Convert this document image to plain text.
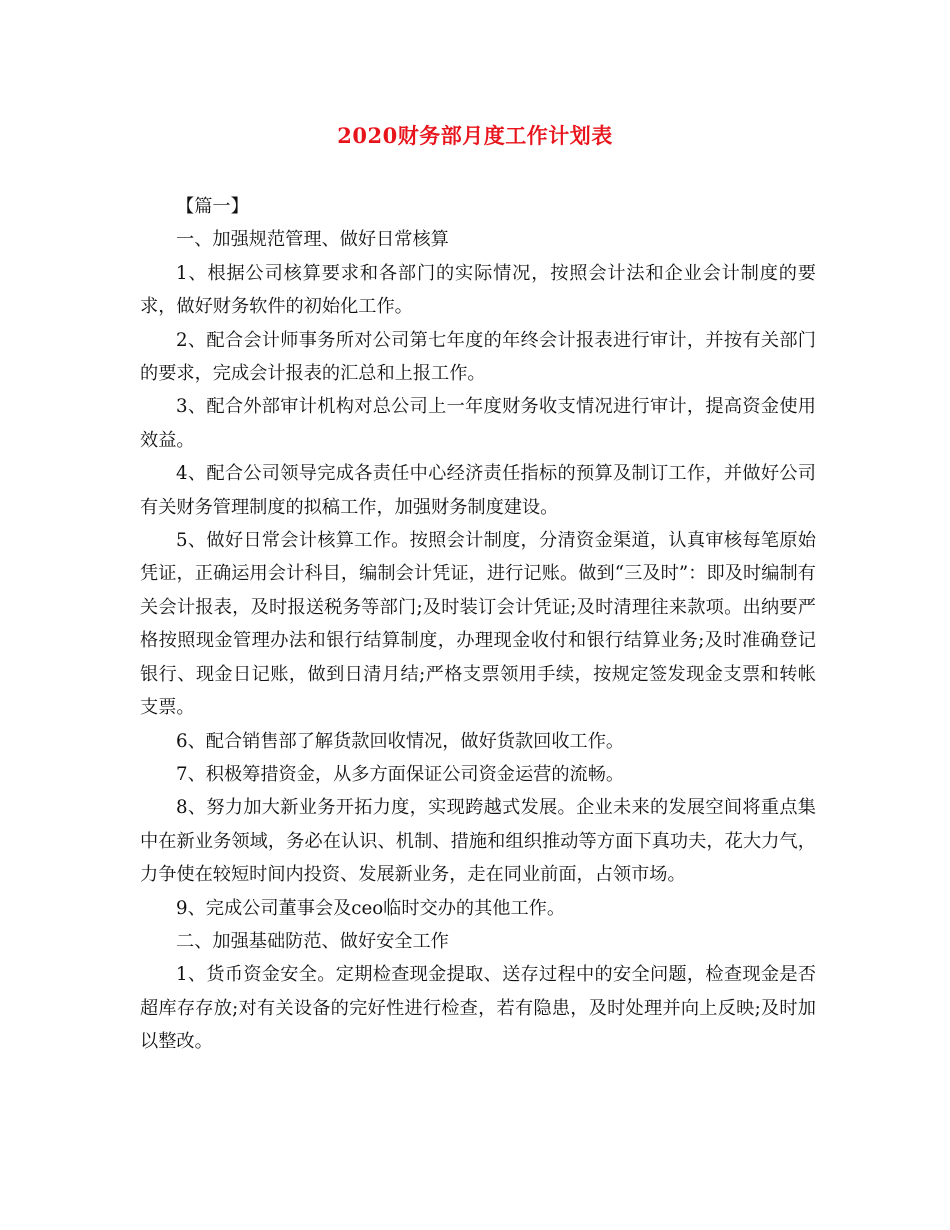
2020财务部月度工作计划表

【篇一】

一、加强规范管理、做好日常核算

1、根据公司核算要求和各部门的实际情况，按照会计法和企业会计制度的要求，做好财务软件的初始化工作。

2、配合会计师事务所对公司第七年度的年终会计报表进行审计，并按有关部门的要求，完成会计报表的汇总和上报工作。

3、配合外部审计机构对总公司上一年度财务收支情况进行审计，提高资金使用效益。

4、配合公司领导完成各责任中心经济责任指标的预算及制订工作，并做好公司有关财务管理制度的拟稿工作，加强财务制度建设。

5、做好日常会计核算工作。按照会计制度，分清资金渠道，认真审核每笔原始凭证，正确运用会计科目，编制会计凭证，进行记账。做到“三及时”：即及时编制有关会计报表，及时报送税务等部门;及时装订会计凭证;及时清理往来款项。出纳要严格按照现金管理办法和银行结算制度，办理现金收付和银行结算业务;及时准确登记银行、现金日记账，做到日清月结;严格支票领用手续，按规定签发现金支票和转帐支票。

6、配合销售部了解货款回收情况，做好货款回收工作。

7、积极筹措资金，从多方面保证公司资金运营的流畅。

8、努力加大新业务开拓力度，实现跨越式发展。企业未来的发展空间将重点集中在新业务领域，务必在认识、机制、措施和组织推动等方面下真功夫，花大力气，力争使在较短时间内投资、发展新业务，走在同业前面，占领市场。

9、完成公司董事会及ceo临时交办的其他工作。

二、加强基础防范、做好安全工作

1、货币资金安全。定期检查现金提取、送存过程中的安全问题，检查现金是否超库存存放;对有关设备的完好性进行检查，若有隐患，及时处理并向上反映;及时加以整改。
